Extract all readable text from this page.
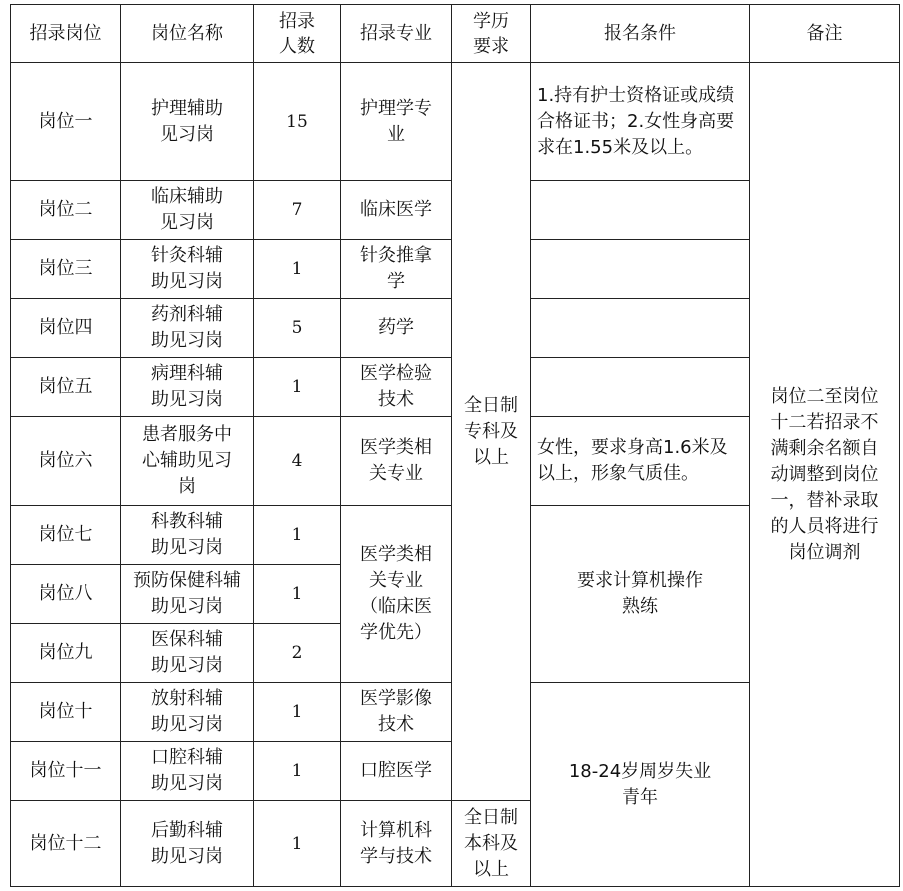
招录岗位	岗位名称	招录人数	招录专业	学历要求	报名条件	备注
岗位一	护理辅助见习岗	15	护理学专业	全日制专科及以上	1.持有护士资格证或成绩合格证书；2.女性身高要求在1.55米及以上。	岗位二至岗位十二若招录不满剩余名额自动调整到岗位一，替补录取的人员将进行岗位调剂
岗位二	临床辅助见习岗	7	临床医学			
岗位三	针灸科辅助见习岗	1	针灸推拿学			
岗位四	药剂科辅助见习岗	5	药学			
岗位五	病理科辅助见习岗	1	医学检验技术			
岗位六	患者服务中心辅助见习岗	4	医学类相关专业		女性，要求身高1.6米及以上，形象气质佳。	
岗位七	科教科辅助见习岗	1	医学类相关专业（临床医学优先）		要求计算机操作熟练	
岗位八	预防保健科辅助见习岗	1				
岗位九	医保科辅助见习岗	2				
岗位十	放射科辅助见习岗	1	医学影像技术		18-24岁周岁失业青年	
岗位十一	口腔科辅助见习岗	1	口腔医学			
岗位十二	后勤科辅助见习岗	1	计算机科学与技术	全日制本科及以上		
